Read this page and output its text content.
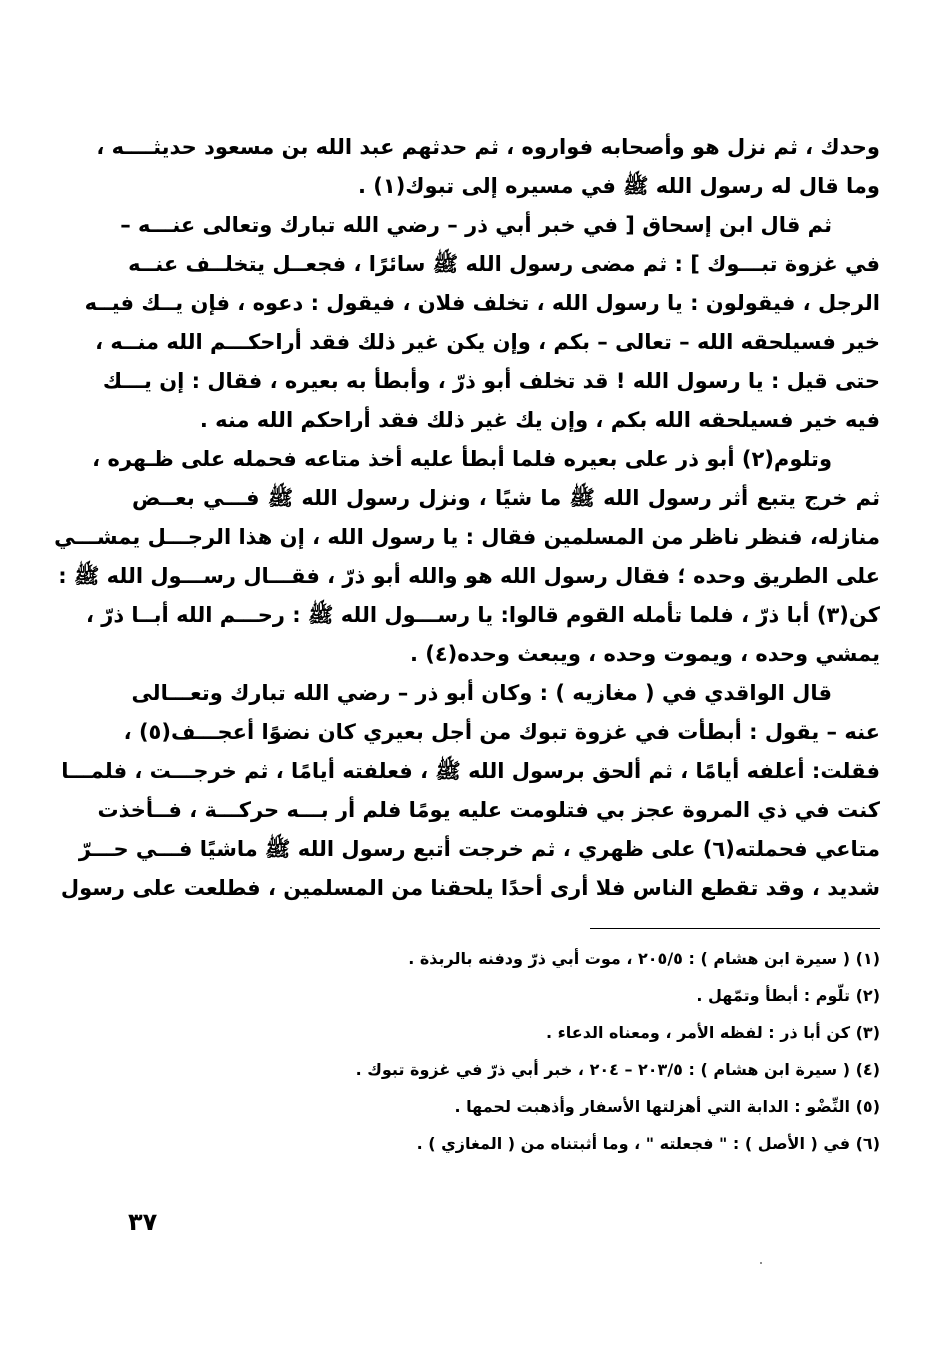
وحدك ، ثم نزل هو وأصحابه فواروه ، ثم حدثهم عبد الله بن مسعود حديثــــه ،
وما قال له رسول الله ﷺ في مسيره إلى تبوك(١) .
ثم قال ابن إسحاق [ في خبر أبي ذر – رضي الله تبارك وتعالى عنـــه –
في غزوة تبـــوك ] : ثم مضى رسول الله ﷺ سائرًا ، فجعــل يتخلــف عنــه
الرجل ، فيقولون : يا رسول الله ، تخلف فلان ، فيقول : دعوه ، فإن يــك فيــه
خير فسيلحقه الله – تعالى – بكم ، وإن يكن غير ذلك فقد أراحكـــم الله منــه ،
حتى قيل : يا رسول الله ! قد تخلف أبو ذرّ ، وأبطأ به بعيره ، فقال : إن يـــك
فيه خير فسيلحقه الله بكم ، وإن يك غير ذلك فقد أراحكم الله منه .
وتلوم(٢) أبو ذر على بعيره فلما أبطأ عليه أخذ متاعه فحمله على ظـهره ،
ثم خرج يتبع أثر رسول الله ﷺ ما شيًا ، ونزل رسول الله ﷺ فـــي بعــض
منازله، فنظر ناظر من المسلمين فقال : يا رسول الله ، إن هذا الرجـــل يمشـــي
على الطريق وحده ؛ فقال رسول الله هو والله أبو ذرّ ، فقـــال رســـول الله ﷺ :
كن(٣) أبا ذرّ ، فلما تأمله القوم قالوا: يا رســـول الله ﷺ : رحـــم الله أبــا ذرّ ،
يمشي وحده ، ويموت وحده ، ويبعث وحده(٤) .
قال الواقدي في ( مغازيه ) : وكان أبو ذر – رضي الله تبارك وتعـــالى
عنه – يقول : أبطأت في غزوة تبوك من أجل بعيري كان نضوًا أعجـــف(٥) ،
فقلت: أعلفه أيامًا ، ثم ألحق برسول الله ﷺ ، فعلفته أيامًا ، ثم خرجـــت ، فلمـــا
كنت في ذي المروة عجز بي فتلومت عليه يومًا فلم أر بـــه حركـــة ، فــأخذت
متاعي فحملته(٦) على ظهري ، ثم خرجت أتبع رسول الله ﷺ ماشيًا فـــي حـــرّ
شديد ، وقد تقطع الناس فلا أرى أحدًا يلحقنا من المسلمين ، فطلعت على رسول
(١) ( سيرة ابن هشام ) : ٢٠٥/٥ ، موت أبي ذرّ ودفنه بالربذة .
(٢) تلّوم : أبطأ وتمّهل .
(٣) كن أبا ذر : لفظه الأمر ، ومعناه الدعاء .
(٤) ( سيرة ابن هشام ) : ٢٠٣/٥ – ٢٠٤ ، خبر أبي ذرّ في غزوة تبوك .
(٥) النِّضْو : الدابة التي أهزلتها الأسفار وأذهبت لحمها .
(٦) في ( الأصل ) : " فجعلته " ، وما أثبتناه من ( المغازي ) .
٣٧
